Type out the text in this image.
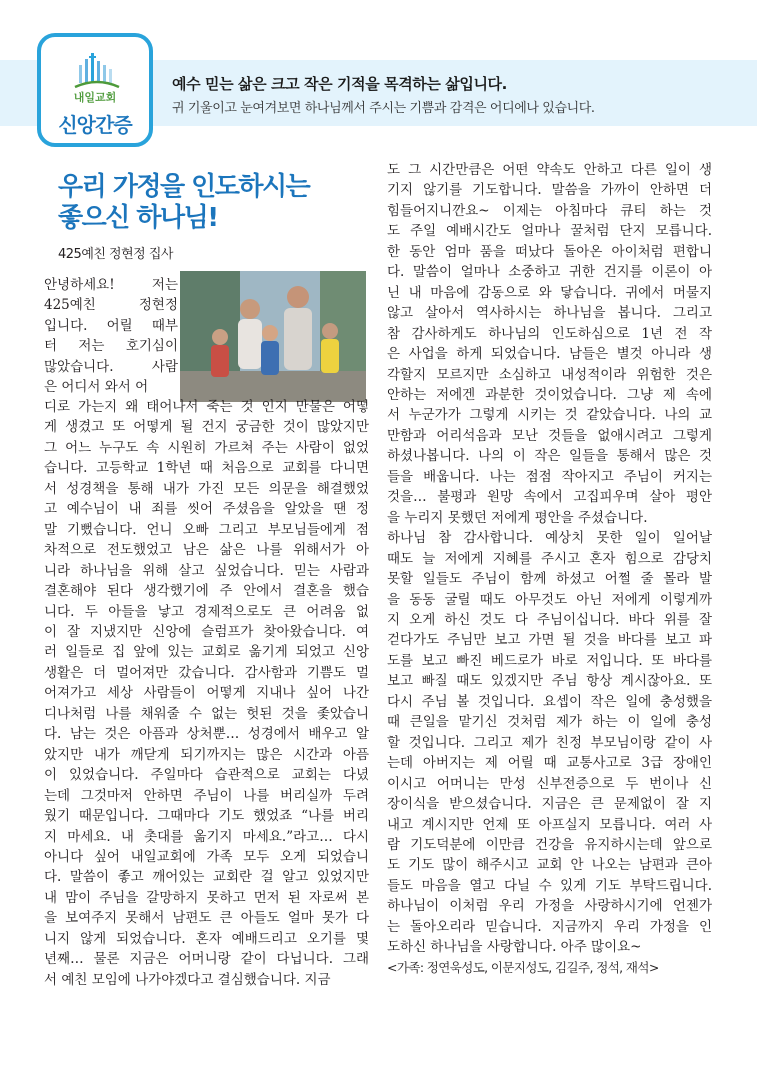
내일교회
신앙간증
예수 믿는 삶은 크고 작은 기적을 목격하는 삶입니다.
귀 기울이고 눈여겨보면 하나님께서 주시는 기쁨과 감격은 어디에나 있습니다.
우리 가정을 인도하시는
좋으신 하나님!
425예친 정현정 집사
안녕하세요! 저는
425예친 정현정
입니다. 어릴 때부
터 저는 호기심이
많았습니다. 사람
은 어디서 와서 어
디로 가는지 왜 태어나서 죽는 것 인지 만물은 어떻
게 생겼고 또 어떻게 될 건지 궁금한 것이 많았지만
그 어느 누구도 속 시원히 가르쳐 주는 사람이 없었
습니다. 고등학교 1학년 때 처음으로 교회를 다니면
서 성경책을 통해 내가 가진 모든 의문을 해결했었
고 예수님이 내 죄를 씻어 주셨음을 알았을 땐 정
말 기뻤습니다. 언니 오빠 그리고 부모님들에게 점
차적으로 전도했었고 남은 삶은 나를 위해서가 아
니라 하나님을 위해 살고 싶었습니다. 믿는 사람과
결혼해야 된다 생각했기에 주 안에서 결혼을 했습
니다. 두 아들을 낳고 경제적으로도 큰 어려움 없
이 잘 지냈지만 신앙에 슬럼프가 찾아왔습니다. 여
러 일들로 집 앞에 있는 교회로 옮기게 되었고 신앙
생활은 더 멀어져만 갔습니다. 감사함과 기쁨도 멀
어져가고 세상 사람들이 어떻게 지내나 싶어 나간
디나처럼 나를 채워줄 수 없는 헛된 것을 좇았습니
다. 남는 것은 아픔과 상처뿐… 성경에서 배우고 알
았지만 내가 깨닫게 되기까지는 많은 시간과 아픔
이 있었습니다. 주일마다 습관적으로 교회는 다녔
는데 그것마저 안하면 주님이 나를 버리실까 두려
웠기 때문입니다. 그때마다 기도 했었죠 “나를 버리
지 마세요. 내 촛대를 옮기지 마세요.”라고… 다시
아니다 싶어 내일교회에 가족 모두 오게 되었습니
다. 말씀이 좋고 깨어있는 교회란 걸 알고 있었지만
내 맘이 주님을 갈망하지 못하고 먼저 된 자로써 본
을 보여주지 못해서 남편도 큰 아들도 얼마 못가 다
니지 않게 되었습니다. 혼자 예배드리고 오기를 몇
년째… 물론 지금은 어머니랑 같이 다닙니다. 그래
서 예친 모임에 나가야겠다고 결심했습니다. 지금
도 그 시간만큼은 어떤 약속도 안하고 다른 일이 생
기지 않기를 기도합니다. 말씀을 가까이 안하면 더
힘들어지니깐요~ 이제는 아침마다 큐티 하는 것
도 주일 예배시간도 얼마나 꿀처럼 단지 모릅니다.
한 동안 엄마 품을 떠났다 돌아온 아이처럼 편합니
다. 말씀이 얼마나 소중하고 귀한 건지를 이론이 아
닌 내 마음에 감동으로 와 닿습니다. 귀에서 머물지
않고 살아서 역사하시는 하나님을 봅니다. 그리고
참 감사하게도 하나님의 인도하심으로 1년 전 작
은 사업을 하게 되었습니다. 남들은 별것 아니라 생
각할지 모르지만 소심하고 내성적이라 위험한 것은
안하는 저에겐 과분한 것이었습니다. 그냥 제 속에
서 누군가가 그렇게 시키는 것 같았습니다. 나의 교
만함과 어리석음과 모난 것들을 없애시려고 그렇게
하셨나봅니다. 나의 이 작은 일들을 통해서 많은 것
들을 배웁니다. 나는 점점 작아지고 주님이 커지는
것을… 불평과 원망 속에서 고집피우며 살아 평안
을 누리지 못했던 저에게 평안을 주셨습니다.
하나님 참 감사합니다. 예상치 못한 일이 일어날
때도 늘 저에게 지혜를 주시고 혼자 힘으로 감당치
못할 일들도 주님이 함께 하셨고 어쩔 줄 몰라 발
을 동동 굴릴 때도 아무것도 아닌 저에게 이렇게까
지 오게 하신 것도 다 주님이십니다. 바다 위를 잘
걷다가도 주님만 보고 가면 될 것을 바다를 보고 파
도를 보고 빠진 베드로가 바로 저입니다. 또 바다를
보고 빠질 때도 있겠지만 주님 항상 계시잖아요. 또
다시 주님 볼 것입니다. 요셉이 작은 일에 충성했을
때 큰일을 맡기신 것처럼 제가 하는 이 일에 충성
할 것입니다. 그리고 제가 친정 부모님이랑 같이 사
는데 아버지는 제 어릴 때 교통사고로 3급 장애인
이시고 어머니는 만성 신부전증으로 두 번이나 신
장이식을 받으셨습니다. 지금은 큰 문제없이 잘 지
내고 계시지만 언제 또 아프실지 모릅니다. 여러 사
람 기도덕분에 이만큼 건강을 유지하시는데 앞으로
도 기도 많이 해주시고 교회 안 나오는 남편과 큰아
들도 마음을 열고 다닐 수 있게 기도 부탁드립니다.
하나님이 이처럼 우리 가정을 사랑하시기에 언젠가
는 돌아오리라 믿습니다. 지금까지 우리 가정을 인
도하신 하나님을 사랑합니다. 아주 많이요~
<가족: 정연욱성도, 이문지성도, 김길주, 정석, 재석>
